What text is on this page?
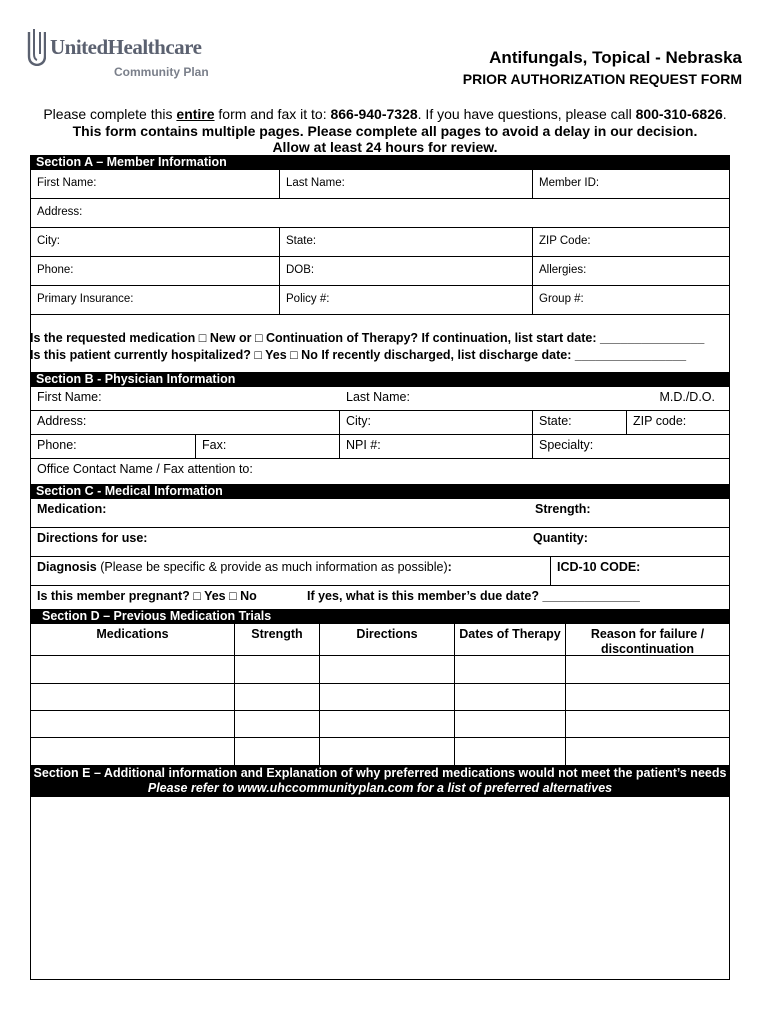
UnitedHealthcare
Community Plan
Antifungals, Topical - Nebraska
PRIOR AUTHORIZATION REQUEST FORM
Please complete this entire form and fax it to: 866-940-7328. If you have questions, please call 800-310-6826.
This form contains multiple pages. Please complete all pages to avoid a delay in our decision.
Allow at least 24 hours for review.
Section A – Member Information
First Name:	Last Name:	Member ID:
Address:
City:	State:	ZIP Code:
Phone:	DOB:	Allergies:
Primary Insurance:	Policy #:	Group #:
Is the requested medication □ New or □ Continuation of Therapy? If continuation, list start date: _______________
Is this patient currently hospitalized? □ Yes □ No If recently discharged, list discharge date: ________________
Section B - Physician Information
First Name:	Last Name:	M.D./D.O.
Address:	City:	State:	ZIP code:
Phone:	Fax:	NPI #:	Specialty:
Office Contact Name / Fax attention to:
Section C - Medical Information
Medication:	Strength:
Directions for use:	Quantity:
Diagnosis (Please be specific & provide as much information as possible):	ICD-10 CODE:
Is this member pregnant? □ Yes □ No	If yes, what is this member’s due date? ______________
Section D – Previous Medication Trials
Medications	Strength	Directions	Dates of Therapy	Reason for failure / discontinuation
Section E – Additional information and Explanation of why preferred medications would not meet the patient’s needs
Please refer to www.uhccommunityplan.com for a list of preferred alternatives
